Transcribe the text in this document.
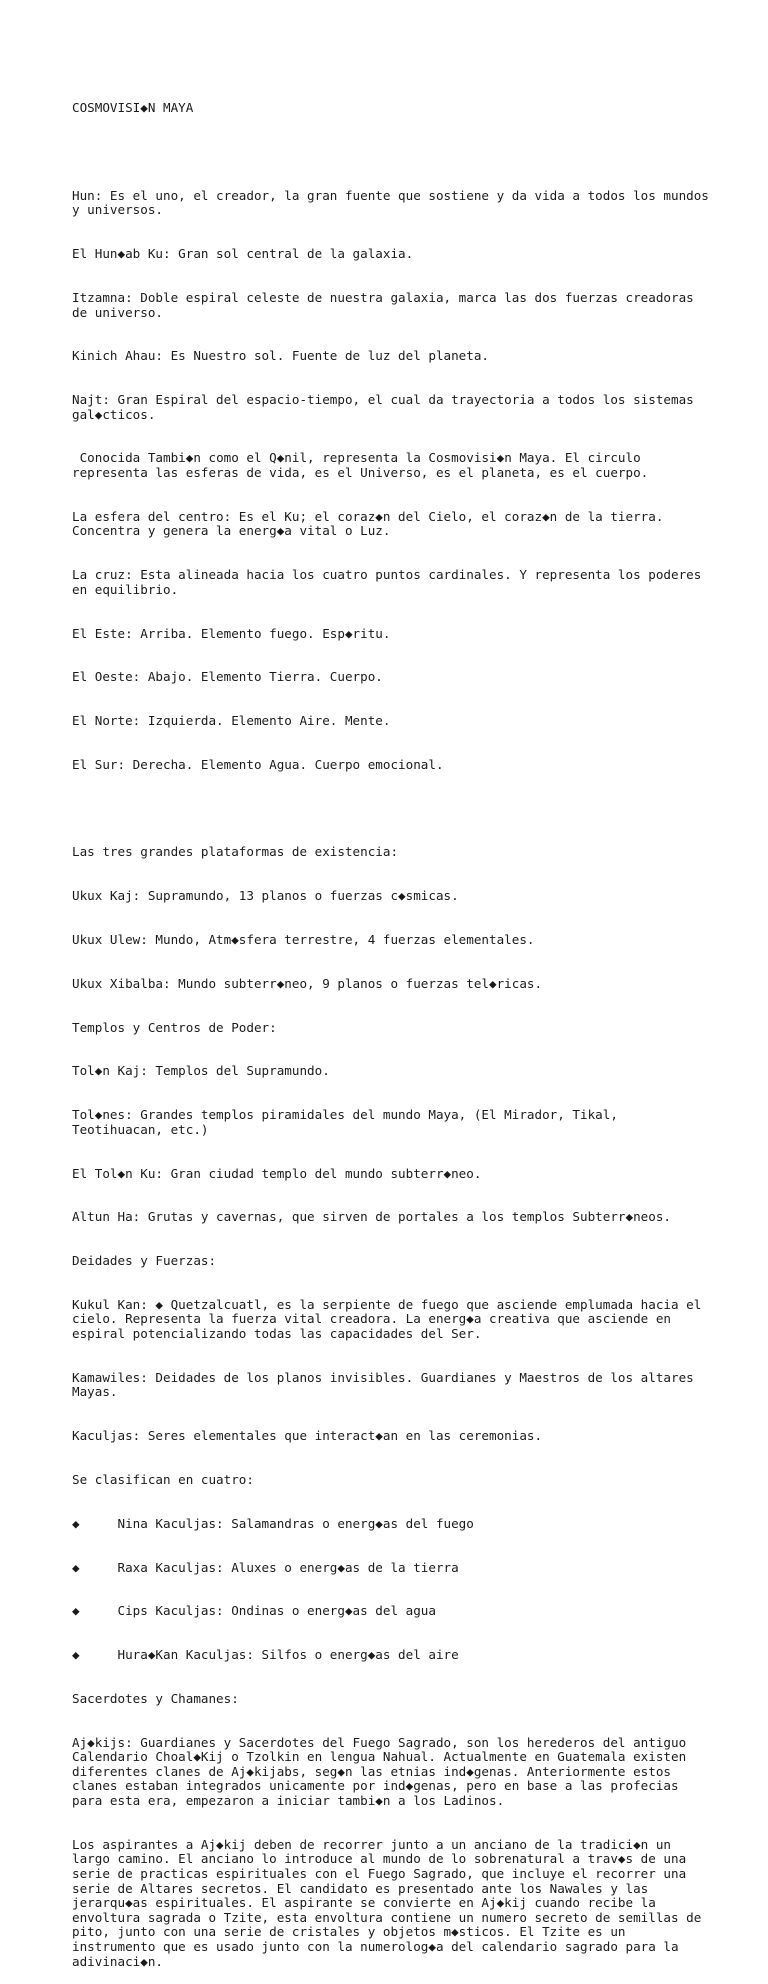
COSMOVISI◆N MAYA

Hun: Es el uno, el creador, la gran fuente que sostiene y da vida a todos los mundos y universos.

El Hun◆ab Ku: Gran sol central de la galaxia.

Itzamna: Doble espiral celeste de nuestra galaxia, marca las dos fuerzas creadoras de universo.

Kinich Ahau: Es Nuestro sol. Fuente de luz del planeta.

Najt: Gran Espiral del espacio-tiempo, el cual da trayectoria a todos los sistemas gal◆cticos.

Conocida Tambi◆n como el Q◆nil, representa la Cosmovisi◆n Maya. El circulo representa las esferas de vida, es el Universo, es el planeta, es el cuerpo.

La esfera del centro: Es el Ku; el coraz◆n del Cielo, el coraz◆n de la tierra. Concentra y genera la energ◆a vital o Luz.

La cruz: Esta alineada hacia los cuatro puntos cardinales. Y representa los poderes en equilibrio.

El Este: Arriba. Elemento fuego. Esp◆ritu.

El Oeste: Abajo. Elemento Tierra. Cuerpo.

El Norte: Izquierda. Elemento Aire. Mente.

El Sur: Derecha. Elemento Agua. Cuerpo emocional.

Las tres grandes plataformas de existencia:

Ukux Kaj: Supramundo, 13 planos o fuerzas c◆smicas.

Ukux Ulew: Mundo, Atm◆sfera terrestre, 4 fuerzas elementales.

Ukux Xibalba: Mundo subterr◆neo, 9 planos o fuerzas tel◆ricas.

Templos y Centros de Poder:

Tol◆n Kaj: Templos del Supramundo.

Tol◆nes: Grandes templos piramidales del mundo Maya, (El Mirador, Tikal, Teotihuacan, etc.)

El Tol◆n Ku: Gran ciudad templo del mundo subterr◆neo.

Altun Ha: Grutas y cavernas, que sirven de portales a los templos Subterr◆neos.

Deidades y Fuerzas:

Kukul Kan: ◆ Quetzalcuatl, es la serpiente de fuego que asciende emplumada hacia el cielo. Representa la fuerza vital creadora. La energ◆a creativa que asciende en espiral potencializando todas las capacidades del Ser.

Kamawiles: Deidades de los planos invisibles. Guardianes y Maestros de los altares Mayas.

Kaculjas: Seres elementales que interact◆an en las ceremonias.

Se clasifican en cuatro:

◆     Nina Kaculjas: Salamandras o energ◆as del fuego

◆     Raxa Kaculjas: Aluxes o energ◆as de la tierra

◆     Cips Kaculjas: Ondinas o energ◆as del agua

◆     Hura◆Kan Kaculjas: Silfos o energ◆as del aire

Sacerdotes y Chamanes:

Aj◆kijs: Guardianes y Sacerdotes del Fuego Sagrado, son los herederos del antiguo Calendario Choal◆Kij o Tzolkin en lengua Nahual. Actualmente en Guatemala existen diferentes clanes de Aj◆kijabs, seg◆n las etnias ind◆genas. Anteriormente estos clanes estaban integrados unicamente por ind◆genas, pero en base a las profecias para esta era, empezaron a iniciar tambi◆n a los Ladinos.

Los aspirantes a Aj◆kij deben de recorrer junto a un anciano de la tradici◆n un largo camino. El anciano lo introduce al mundo de lo sobrenatural a trav◆s de una serie de practicas espirituales con el Fuego Sagrado, que incluye el recorrer una serie de Altares secretos. El candidato es presentado ante los Nawales y las jerarqu◆as espirituales. El aspirante se convierte en Aj◆kij cuando recibe la envoltura sagrada o Tzite, esta envoltura contiene un numero secreto de semillas de pito, junto con una serie de cristales y objetos m◆sticos. El Tzite es un instrumento que es usado junto con la numerolog◆a del calendario sagrado para la adivinaci◆n.
